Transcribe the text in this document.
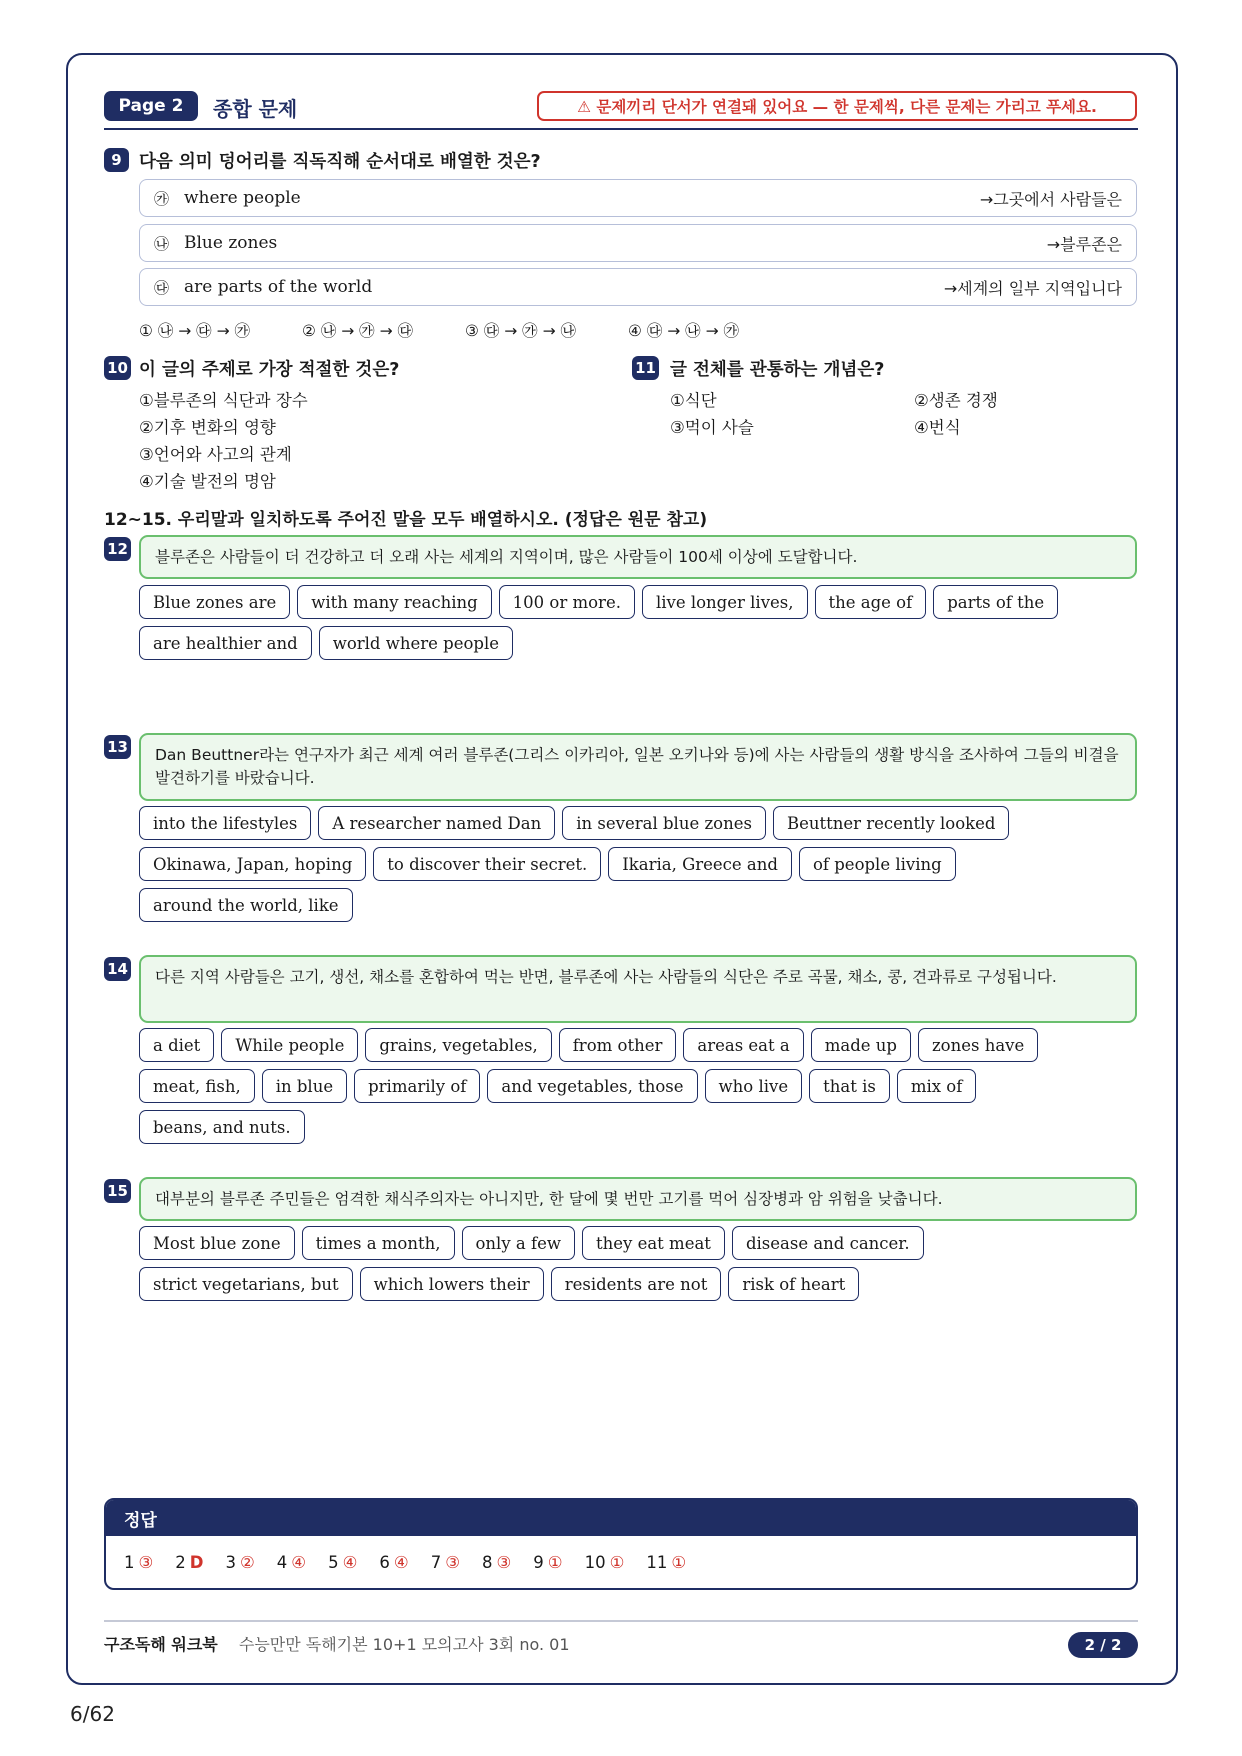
Page 2	종합 문제	⚠ 문제끼리 단서가 연결돼 있어요 — 한 문제씩, 다른 문제는 가리고 푸세요.
9 다음 의미 덩어리를 직독직해 순서대로 배열한 것은?
㉮ where people	→그곳에서 사람들은
㉯ Blue zones	→블루존은
㉰ are parts of the world	→세계의 일부 지역입니다
① ㉯ → ㉰ → ㉮	② ㉯ → ㉮ → ㉰	③ ㉰ → ㉮ → ㉯	④ ㉰ → ㉯ → ㉮
10 이 글의 주제로 가장 적절한 것은?
①블루존의 식단과 장수
②기후 변화의 영향
③언어와 사고의 관계
④기술 발전의 명암
11 글 전체를 관통하는 개념은?
①식단	②생존 경쟁
③먹이 사슬	④번식
12~15. 우리말과 일치하도록 주어진 말을 모두 배열하시오. (정답은 원문 참고)
12 블루존은 사람들이 더 건강하고 더 오래 사는 세계의 지역이며, 많은 사람들이 100세 이상에 도달합니다.
Blue zones are	with many reaching	100 or more.	live longer lives,	the age of	parts of the
are healthier and	world where people
13	Dan Beuttner라는 연구자가 최근 세계 여러 블루존(그리스 이카리아, 일본 오키나와 등)에 사는 사람들의 생활 방식을 조사하여 그들의 비결을 발견하기를 바랐습니다.
into the lifestyles	A researcher named Dan	in several blue zones	Beuttner recently looked
Okinawa, Japan, hoping	to discover their secret.	Ikaria, Greece and	of people living
around the world, like
14	다른 지역 사람들은 고기, 생선, 채소를 혼합하여 먹는 반면, 블루존에 사는 사람들의 식단은 주로 곡물, 채소, 콩, 견과류로 구성됩니다.
a diet	While people	grains, vegetables,	from other	areas eat a	made up	zones have
meat, fish,	in blue	primarily of	and vegetables, those	who live	that is	mix of
beans, and nuts.
15 대부분의 블루존 주민들은 엄격한 채식주의자는 아니지만, 한 달에 몇 번만 고기를 먹어 심장병과 암 위험을 낮춥니다.
Most blue zone	times a month,	only a few	they eat meat	disease and cancer.
strict vegetarians, but	which lowers their	residents are not	risk of heart
정답
1 ③ 2 D 3 ② 4 ④ 5 ④ 6 ④ 7 ③ 8 ③ 9 ① 10 ① 11 ①
구조독해 워크북 수능만만 독해기본 10+1 모의고사 3회 no. 01	2 / 2
6/62
